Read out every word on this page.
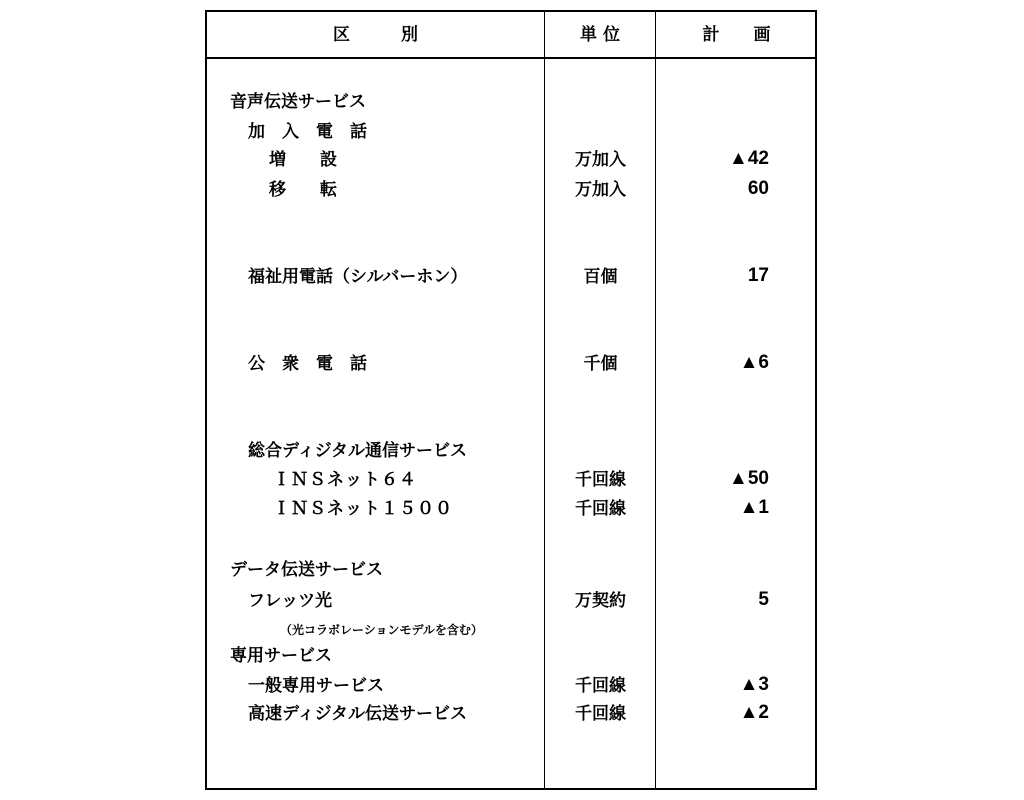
区　　　別	単 位	計　　画
音声伝送サービス
加　入　電　話
増　　設	万加入	▲42
移　　転	万加入	60
福祉用電話（シルバーホン）	百個	17
公　衆　電　話	千個	▲6
総合ディジタル通信サービス
ＩＮＳネット６４	千回線	▲50
ＩＮＳネット１５００	千回線	▲1
データ伝送サービス
フレッツ光	万契約	5
（光コラボレーションモデルを含む）
専用サービス
一般専用サービス	千回線	▲3
高速ディジタル伝送サービス	千回線	▲2
